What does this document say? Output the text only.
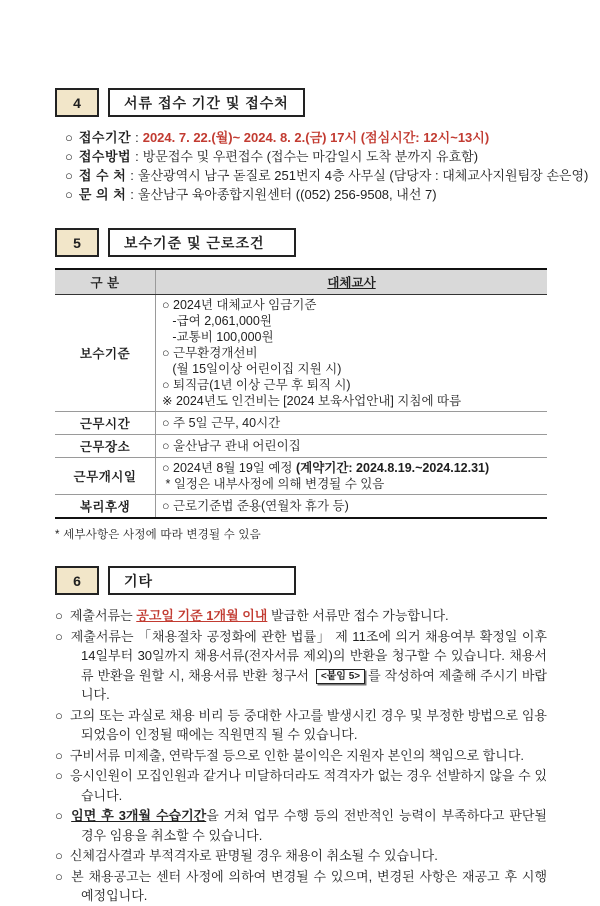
4	서류 접수 기간 및 접수처
○ 접수기간 : 2024. 7. 22.(월)~ 2024. 8. 2.(금) 17시 (점심시간: 12시~13시)
○ 접수방법 : 방문접수 및 우편접수 (접수는 마감일시 도착 분까지 유효함)
○ 접 수 처 : 울산광역시 남구 돋질로 251번지 4층 사무실 (담당자 : 대체교사지원팀장 손은영)
○ 문 의 처 : 울산남구 육아종합지원센터 ((052) 256-9508, 내선 7)
5	보수기준 및 근로조건
구 분	대체교사
보수기준	
○ 2024년 대체교사 임금기준
-급여 2,061,000원
-교통비 100,000원
○ 근무환경개선비
(월 15일이상 어린이집 지원 시)
○ 퇴직금(1년 이상 근무 후 퇴직 시)
※ 2024년도 인건비는 [2024 보육사업안내] 지침에 따름

근무시간	○ 주 5일 근무, 40시간

근무장소	○ 울산남구 관내 어린이집

근무개시일	○ 2024년 8월 19일 예정 (계약기간: 2024.8.19.~2024.12.31)
* 일정은 내부사정에 의해 변경될 수 있음

복리후생	○ 근로기준법 준용(연월차 휴가 등)
* 세부사항은 사정에 따라 변경될 수 있음
6	기타
○ 제출서류는 공고일 기준 1개월 이내 발급한 서류만 접수 가능합니다.
○ 제출서류는 「채용절차 공정화에 관한 법률」 제 11조에 의거 채용여부 확정일 이후 14일부터 30일까지 채용서류(전자서류 제외)의 반환을 청구할 수 있습니다. 채용서류 반환을 원할 시, 채용서류 반환 청구서 <붙임 5> 를 작성하여 제출해 주시기 바랍니다.
○ 고의 또는 과실로 채용 비리 등 중대한 사고를 발생시킨 경우 및 부정한 방법으로 임용 되었음이 인정될 때에는 직원면직 될 수 있습니다.
○ 구비서류 미제출, 연락두절 등으로 인한 불이익은 지원자 본인의 책임으로 합니다.
○ 응시인원이 모집인원과 같거나 미달하더라도 적격자가 없는 경우 선발하지 않을 수 있습니다.
○ 임면 후 3개월 수습기간을 거쳐 업무 수행 등의 전반적인 능력이 부족하다고 판단될 경우 임용을 취소할 수 있습니다.
○ 신체검사결과 부적격자로 판명될 경우 채용이 취소될 수 있습니다.
○ 본 채용공고는 센터 사정에 의하여 변경될 수 있으며, 변경된 사항은 재공고 후 시행 예정입니다.
